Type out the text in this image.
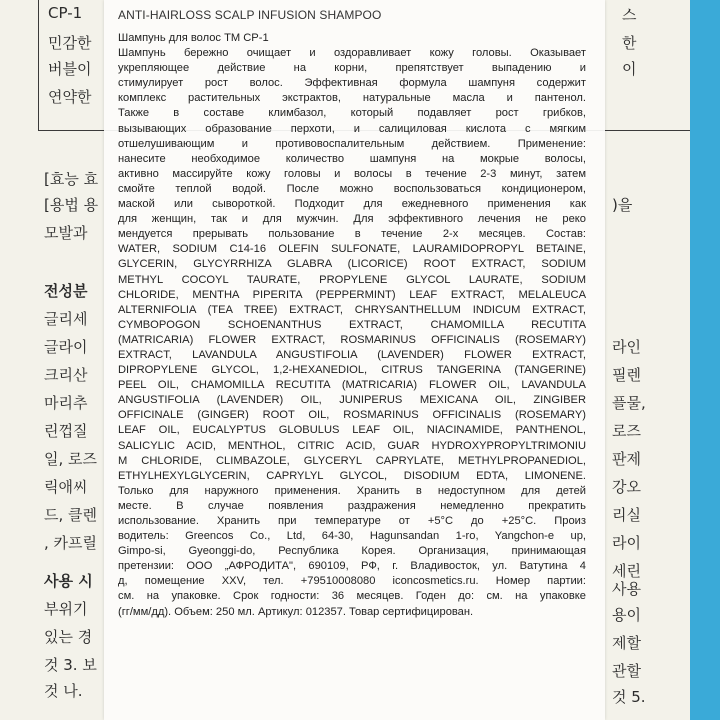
CP-1
민감한
버블이
연약한
[효능 효
[용법 용
모발과
전성분
글리세
글라이
크리산
마리추
린껍질
일, 로즈
릭애씨
드, 클렌
, 카프릴
사용 시
부위기
있는 경
것 3. 보
것 나.
스
한
이
)을
라인
필렌
플물,
로즈
판제
강오
리실
라이
세린
사용
용이
제할
관할
것 5.
ANTI-HAIRLOSS SCALP INFUSION SHAMPOO
Шампунь для волос ТМ СР-1
Шампунь бережно очищает и оздоравливает кожу головы. Оказывает
укрепляющее действие на корни, препятствует выпадению и
стимулирует рост волос. Эффективная формула шампуня содержит
комплекс растительных экстрактов, натуральные масла и пантенол.
Также в составе климбазол, который подавляет рост грибков,
вызывающих образование перхоти, и салициловая кислота с мягким
отшелушивающим и противовоспалительным действием. Применение:
нанесите необходимое количество шампуня на мокрые волосы,
активно массируйте кожу головы и волосы в течение 2-3 минут, затем
смойте теплой водой. После можно воспользоваться кондиционером,
маской или сывороткой. Подходит для ежедневного применения как
для женщин, так и для мужчин. Для эффективного лечения не реко
мендуется прерывать пользование в течение 2-х месяцев. Состав:
WATER, SODIUM C14-16 OLEFIN SULFONATE, LAURAMIDOPROPYL BETAINE,
GLYCERIN, GLYCYRRHIZA GLABRA (LICORICE) ROOT EXTRACT, SODIUM
METHYL COCOYL TAURATE, PROPYLENE GLYCOL LAURATE, SODIUM
CHLORIDE, MENTHA PIPERITA (PEPPERMINT) LEAF EXTRACT, MELALEUCA
ALTERNIFOLIA (TEA TREE) EXTRACT, CHRYSANTHELLUM INDICUM EXTRACT,
CYMBOPOGON SCHOENANTHUS EXTRACT, CHAMOMILLA RECUTITA
(MATRICARIA) FLOWER EXTRACT, ROSMARINUS OFFICINALIS (ROSEMARY)
EXTRACT, LAVANDULA ANGUSTIFOLIA (LAVENDER) FLOWER EXTRACT,
DIPROPYLENE GLYCOL, 1,2-HEXANEDIOL, CITRUS TANGERINA (TANGERINE)
PEEL OIL, CHAMOMILLA RECUTITA (MATRICARIA) FLOWER OIL, LAVANDULA
ANGUSTIFOLIA (LAVENDER) OIL, JUNIPERUS MEXICANA OIL, ZINGIBER
OFFICINALE (GINGER) ROOT OIL, ROSMARINUS OFFICINALIS (ROSEMARY)
LEAF OIL, EUCALYPTUS GLOBULUS LEAF OIL, NIACINAMIDE, PANTHENOL,
SALICYLIC ACID, MENTHOL, CITRIC ACID, GUAR HYDROXYPROPYLTRIMONIU
M CHLORIDE, CLIMBAZOLE, GLYCERYL CAPRYLATE, METHYLPROPANEDIOL,
ETHYLHEXYLGLYCERIN, CAPRYLYL GLYCOL, DISODIUM EDTA, LIMONENE.
Только для наружного применения. Хранить в недоступном для детей
месте. В случае появления раздражения немедленно прекратить
использование. Хранить при температуре от +5°С до +25°С. Произ
водитель: Greencos Co., Ltd, 64-30, Hagunsandan 1-ro, Yangchon-e up,
Gimpo-si, Gyeonggi-do, Республика Корея. Организация, принимающая
претензии: ООО „АФРОДИТА", 690109, РФ, г. Владивосток, ул. Ватутина 4
д, помещение XXV, тел. +79510008080 iconcosmetics.ru. Номер партии:
см. на упаковке. Срок годности: 36 месяцев. Годен до: см. на упаковке
(гг/мм/дд). Объем: 250 мл. Артикул: 012357. Товар сертифицирован.
